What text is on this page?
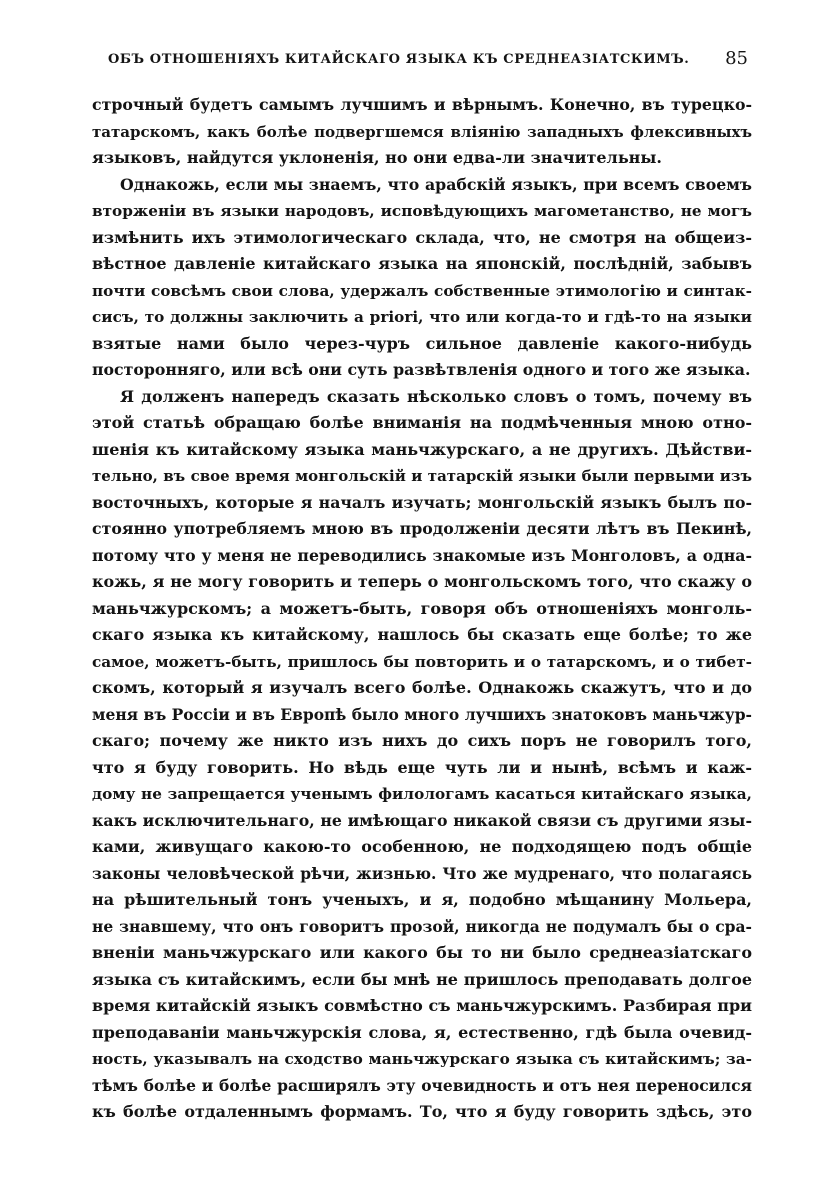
ОБЪ ОТНОШЕНІЯХЪ КИТАЙСКАГО ЯЗЫКА КЪ СРЕДНЕАЗІАТСКИМЪ. 85
строчный будетъ самымъ лучшимъ и вѣрнымъ. Конечно, въ турецко-
татарскомъ, какъ болѣе подвергшемся вліянію западныхъ флексивныхъ
языковъ, найдутся уклоненія, но они едва-ли значительны.
Однакожь, если мы знаемъ, что арабскій языкъ, при всемъ своемъ
вторженіи въ языки народовъ, исповѣдующихъ магометанство, не могъ
измѣнить ихъ этимологическаго склада, что, не смотря на общеиз-
вѣстное давленіе китайскаго языка на японскій, послѣдній, забывъ
почти совсѣмъ свои слова, удержалъ собственные этимологію и синтак-
сисъ, то должны заключить a priori, что или когда-то и гдѣ-то на языки
взятые нами было через-чуръ сильное давленіе какого-нибудь
посторонняго, или всѣ они суть развѣтвленія одного и того же языка.
Я долженъ напередъ сказать нѣсколько словъ о томъ, почему въ
этой статьѣ обращаю болѣе вниманія на подмѣченныя мною отно-
шенія къ китайскому языка маньчжурскаго, а не другихъ. Дѣйстви-
тельно, въ свое время монгольскій и татарскій языки были первыми изъ
восточныхъ, которые я началъ изучать; монгольскій языкъ былъ по-
стоянно употребляемъ мною въ продолженіи десяти лѣтъ въ Пекинѣ,
потому что у меня не переводились знакомые изъ Монголовъ, а одна-
кожь, я не могу говорить и теперь о монгольскомъ того, что скажу о
маньчжурскомъ; а можетъ-быть, говоря объ отношеніяхъ монголь-
скаго языка къ китайскому, нашлось бы сказать еще болѣе; то же
самое, можетъ-быть, пришлось бы повторить и о татарскомъ, и о тибет-
скомъ, который я изучалъ всего болѣе. Однакожь скажутъ, что и до
меня въ Россіи и въ Европѣ было много лучшихъ знатоковъ маньчжур-
скаго; почему же никто изъ нихъ до сихъ поръ не говорилъ того,
что я буду говорить. Но вѣдь еще чуть ли и нынѣ, всѣмъ и каж-
дому не запрещается ученымъ филологамъ касаться китайскаго языка,
какъ исключительнаго, не имѣющаго никакой связи съ другими язы-
ками, живущаго какою-то особенною, не подходящею подъ общіе
законы человѣческой рѣчи, жизнью. Что же мудренаго, что полагаясь
на рѣшительный тонъ ученыхъ, и я, подобно мѣщанину Мольера,
не знавшему, что онъ говоритъ прозой, никогда не подумалъ бы о сра-
вненіи маньчжурскаго или какого бы то ни было среднеазіатскаго
языка съ китайскимъ, если бы мнѣ не пришлось преподавать долгое
время китайскій языкъ совмѣстно съ маньчжурскимъ. Разбирая при
преподаваніи маньчжурскія слова, я, естественно, гдѣ была очевид-
ность, указывалъ на сходство маньчжурскаго языка съ китайскимъ; за-
тѣмъ болѣе и болѣе расширялъ эту очевидность и отъ нея переносился
къ болѣе отдаленнымъ формамъ. То, что я буду говорить здѣсь, это
